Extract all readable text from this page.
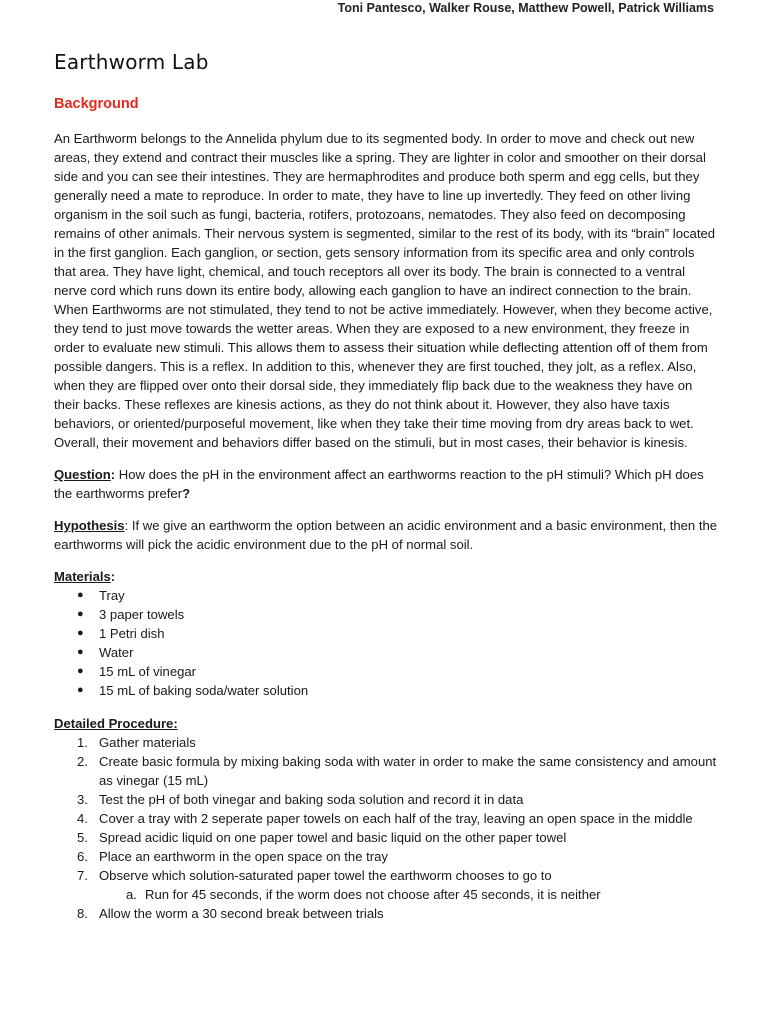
Toni Pantesco, Walker Rouse, Matthew Powell, Patrick Williams
Earthworm Lab
Background

An Earthworm belongs to the Annelida phylum due to its segmented body. In order to move and check out new areas, they extend and contract their muscles like a spring. They are lighter in color and smoother on their dorsal side and you can see their intestines. They are hermaphrodites and produce both sperm and egg cells, but they generally need a mate to reproduce. In order to mate, they have to line up invertedly. They feed on other living organism in the soil such as fungi, bacteria, rotifers, protozoans, nematodes. They also feed on decomposing remains of other animals. Their nervous system is segmented, similar to the rest of its body, with its “brain” located in the first ganglion. Each ganglion, or section, gets sensory information from its specific area and only controls that area. They have light, chemical, and touch receptors all over its body. The brain is connected to a ventral nerve cord which runs down its entire body, allowing each ganglion to have an indirect connection to the brain. When Earthworms are not stimulated, they tend to not be active immediately. However, when they become active, they tend to just move towards the wetter areas. When they are exposed to a new environment, they freeze in order to evaluate new stimuli. This allows them to assess their situation while deflecting attention off of them from possible dangers. This is a reflex. In addition to this, whenever they are first touched, they jolt, as a reflex. Also, when they are flipped over onto their dorsal side, they immediately flip back due to the weakness they have on their backs. These reflexes are kinesis actions, as they do not think about it. However, they also have taxis behaviors, or oriented/purposeful movement, like when they take their time moving from dry areas back to wet. Overall, their movement and behaviors differ based on the stimuli, but in most cases, their behavior is kinesis.

Question: How does the pH in the environment affect an earthworms reaction to the pH stimuli? Which pH does the earthworms prefer?

Hypothesis: If we give an earthworm the option between an acidic environment and a basic environment, then the earthworms will pick the acidic environment due to the pH of normal soil.

Materials:
● Tray
● 3 paper towels
● 1 Petri dish
● Water
● 15 mL of vinegar
● 15 mL of baking soda/water solution
Detailed Procedure:
1. Gather materials
2. Create basic formula by mixing baking soda with water in order to make the same consistency and amount as vinegar (15 mL)
3. Test the pH of both vinegar and baking soda solution and record it in data
4. Cover a tray with 2 seperate paper towels on each half of the tray, leaving an open space in the middle
5. Spread acidic liquid on one paper towel and basic liquid on the other paper towel
6. Place an earthworm in the open space on the tray
7. Observe which solution-saturated paper towel the earthworm chooses to go to
a. Run for 45 seconds, if the worm does not choose after 45 seconds, it is neither
8. Allow the worm a 30 second break between trials
